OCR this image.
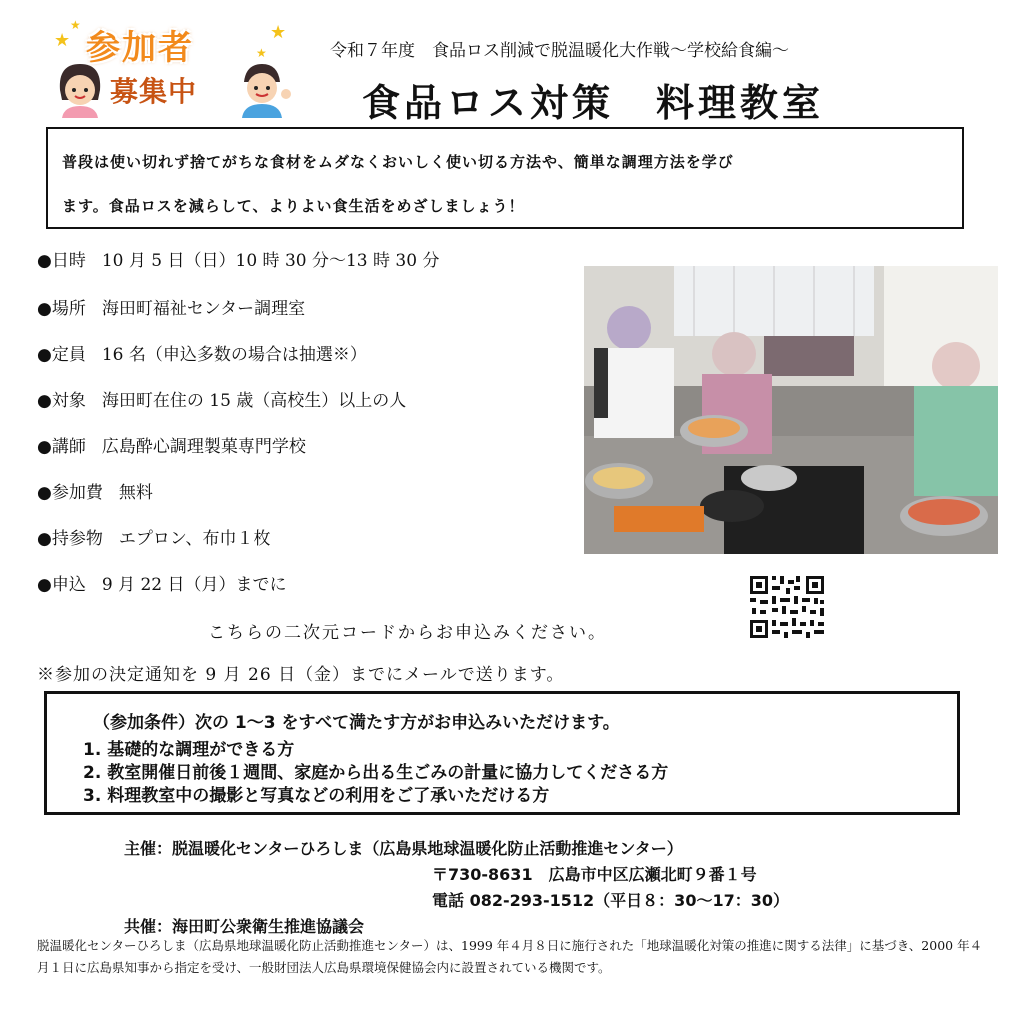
★
★	★
★
参加者
募集中
令和７年度　食品ロス削減で脱温暖化大作戦〜学校給食編〜
食品ロス対策　料理教室

普段は使い切れず捨てがちな食材をムダなくおいしく使い切る方法や、簡単な調理方法を学び

ます。食品ロスを減らして、よりよい食生活をめざしましょう！

●日時 10 月 5 日（日）10 時 30 分〜13 時 30 分
●場所 海田町福祉センター調理室
●定員 16 名（申込多数の場合は抽選※）
●対象 海田町在住の 15 歳（高校生）以上の人
●講師 広島酔心調理製菓専門学校
●参加費 無料
●持参物 エプロン、布巾１枚
●申込 9 月 22 日（月）までに
こちらの二次元コードからお申込みください。
※参加の決定通知を 9 月 26 日（金）までにメールで送ります。
（参加条件）次の 1〜3 をすべて満たす方がお申込みいただけます。
1. 基礎的な調理ができる方
2. 教室開催日前後１週間、家庭から出る生ごみの計量に協力してくださる方
3. 料理教室中の撮影と写真などの利用をご了承いただける方
主催：脱温暖化センターひろしま（広島県地球温暖化防止活動推進センター）
〒730-8631　広島市中区広瀬北町９番１号
電話 082-293-1512（平日８：30〜17：30）
共催：海田町公衆衛生推進協議会
脱温暖化センターひろしま（広島県地球温暖化防止活動推進センター）は、1999 年４月８日に施行された「地球温暖化対策の推進に関する法律」に基づき、2000 年４月１日に広島県知事から指定を受け、一般財団法人広島県環境保健協会内に設置されている機関です。
